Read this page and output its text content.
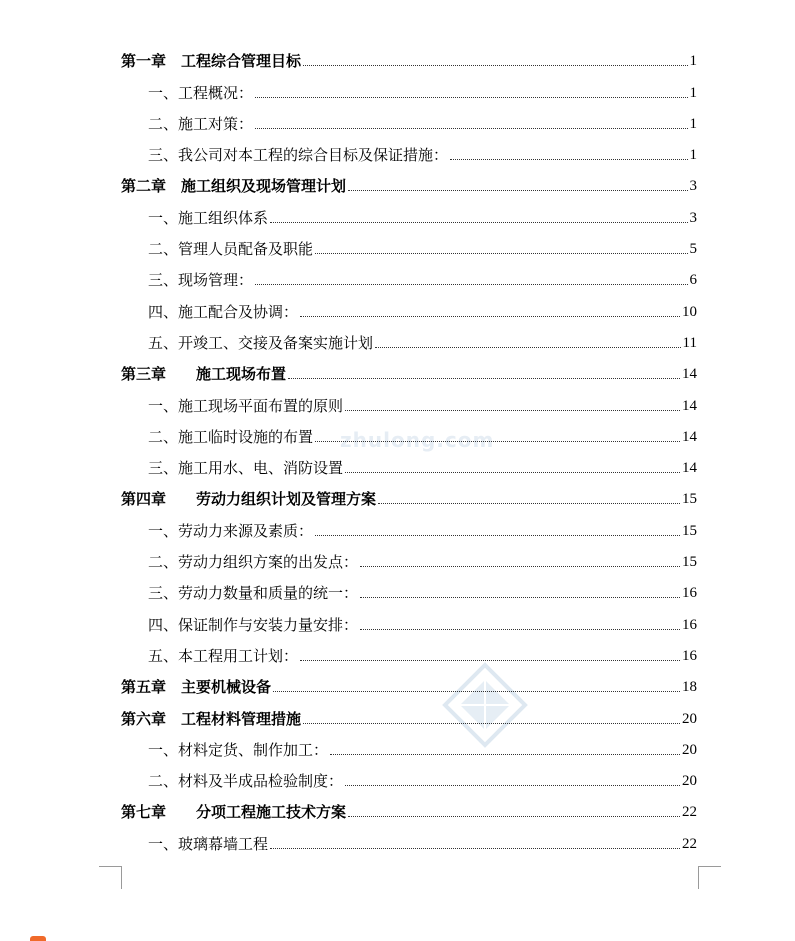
zhulong.com
第一章　工程综合管理目标	1
一、工程概况：	1
二、施工对策：	1
三、我公司对本工程的综合目标及保证措施：	1
第二章　施工组织及现场管理计划	3
一、施工组织体系	3
二、管理人员配备及职能	5
三、现场管理：	6
四、施工配合及协调：	10
五、开竣工、交接及备案实施计划	11
第三章　　施工现场布置	14
一、施工现场平面布置的原则	14
二、施工临时设施的布置	14
三、施工用水、电、消防设置	14
第四章　　劳动力组织计划及管理方案	15
一、劳动力来源及素质：	15
二、劳动力组织方案的出发点：	15
三、劳动力数量和质量的统一：	16
四、保证制作与安装力量安排：	16
五、本工程用工计划：	16
第五章　主要机械设备	18
第六章　工程材料管理措施	20
一、材料定货、制作加工：	20
二、材料及半成品检验制度：	20
第七章　　分项工程施工技术方案	22
一、玻璃幕墙工程	22
